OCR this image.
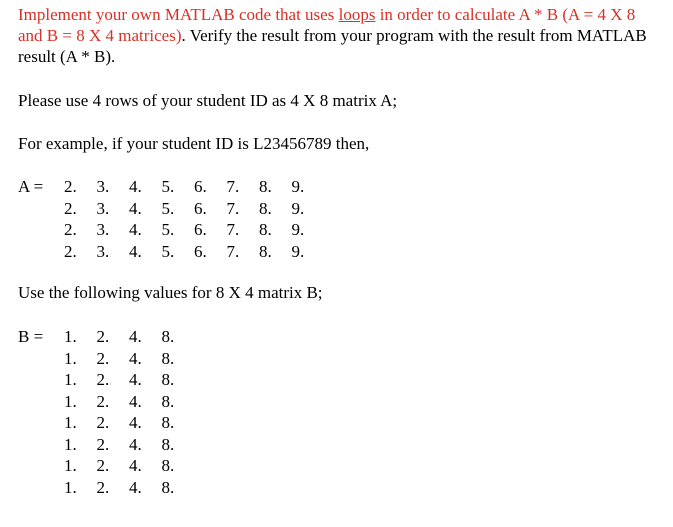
Implement your own MATLAB code that uses loops in order to calculate A * B (A = 4 X 8 and B = 8 X 4 matrices). Verify the result from your program with the result from MATLAB result (A * B).

Please use 4 rows of your student ID as 4 X 8 matrix A;

For example, if your student ID is L23456789 then,

A =	2.	3.	4.	5.	6.	7.	8.	9.
2.	3.	4.	5.	6.	7.	8.	9.
2.	3.	4.	5.	6.	7.	8.	9.
2.	3.	4.	5.	6.	7.	8.	9.

Use the following values for 8 X 4 matrix B;

B =	1.	2.	4.	8.
1.	2.	4.	8.
1.	2.	4.	8.
1.	2.	4.	8.
1.	2.	4.	8.
1.	2.	4.	8.
1.	2.	4.	8.
1.	2.	4.	8.
